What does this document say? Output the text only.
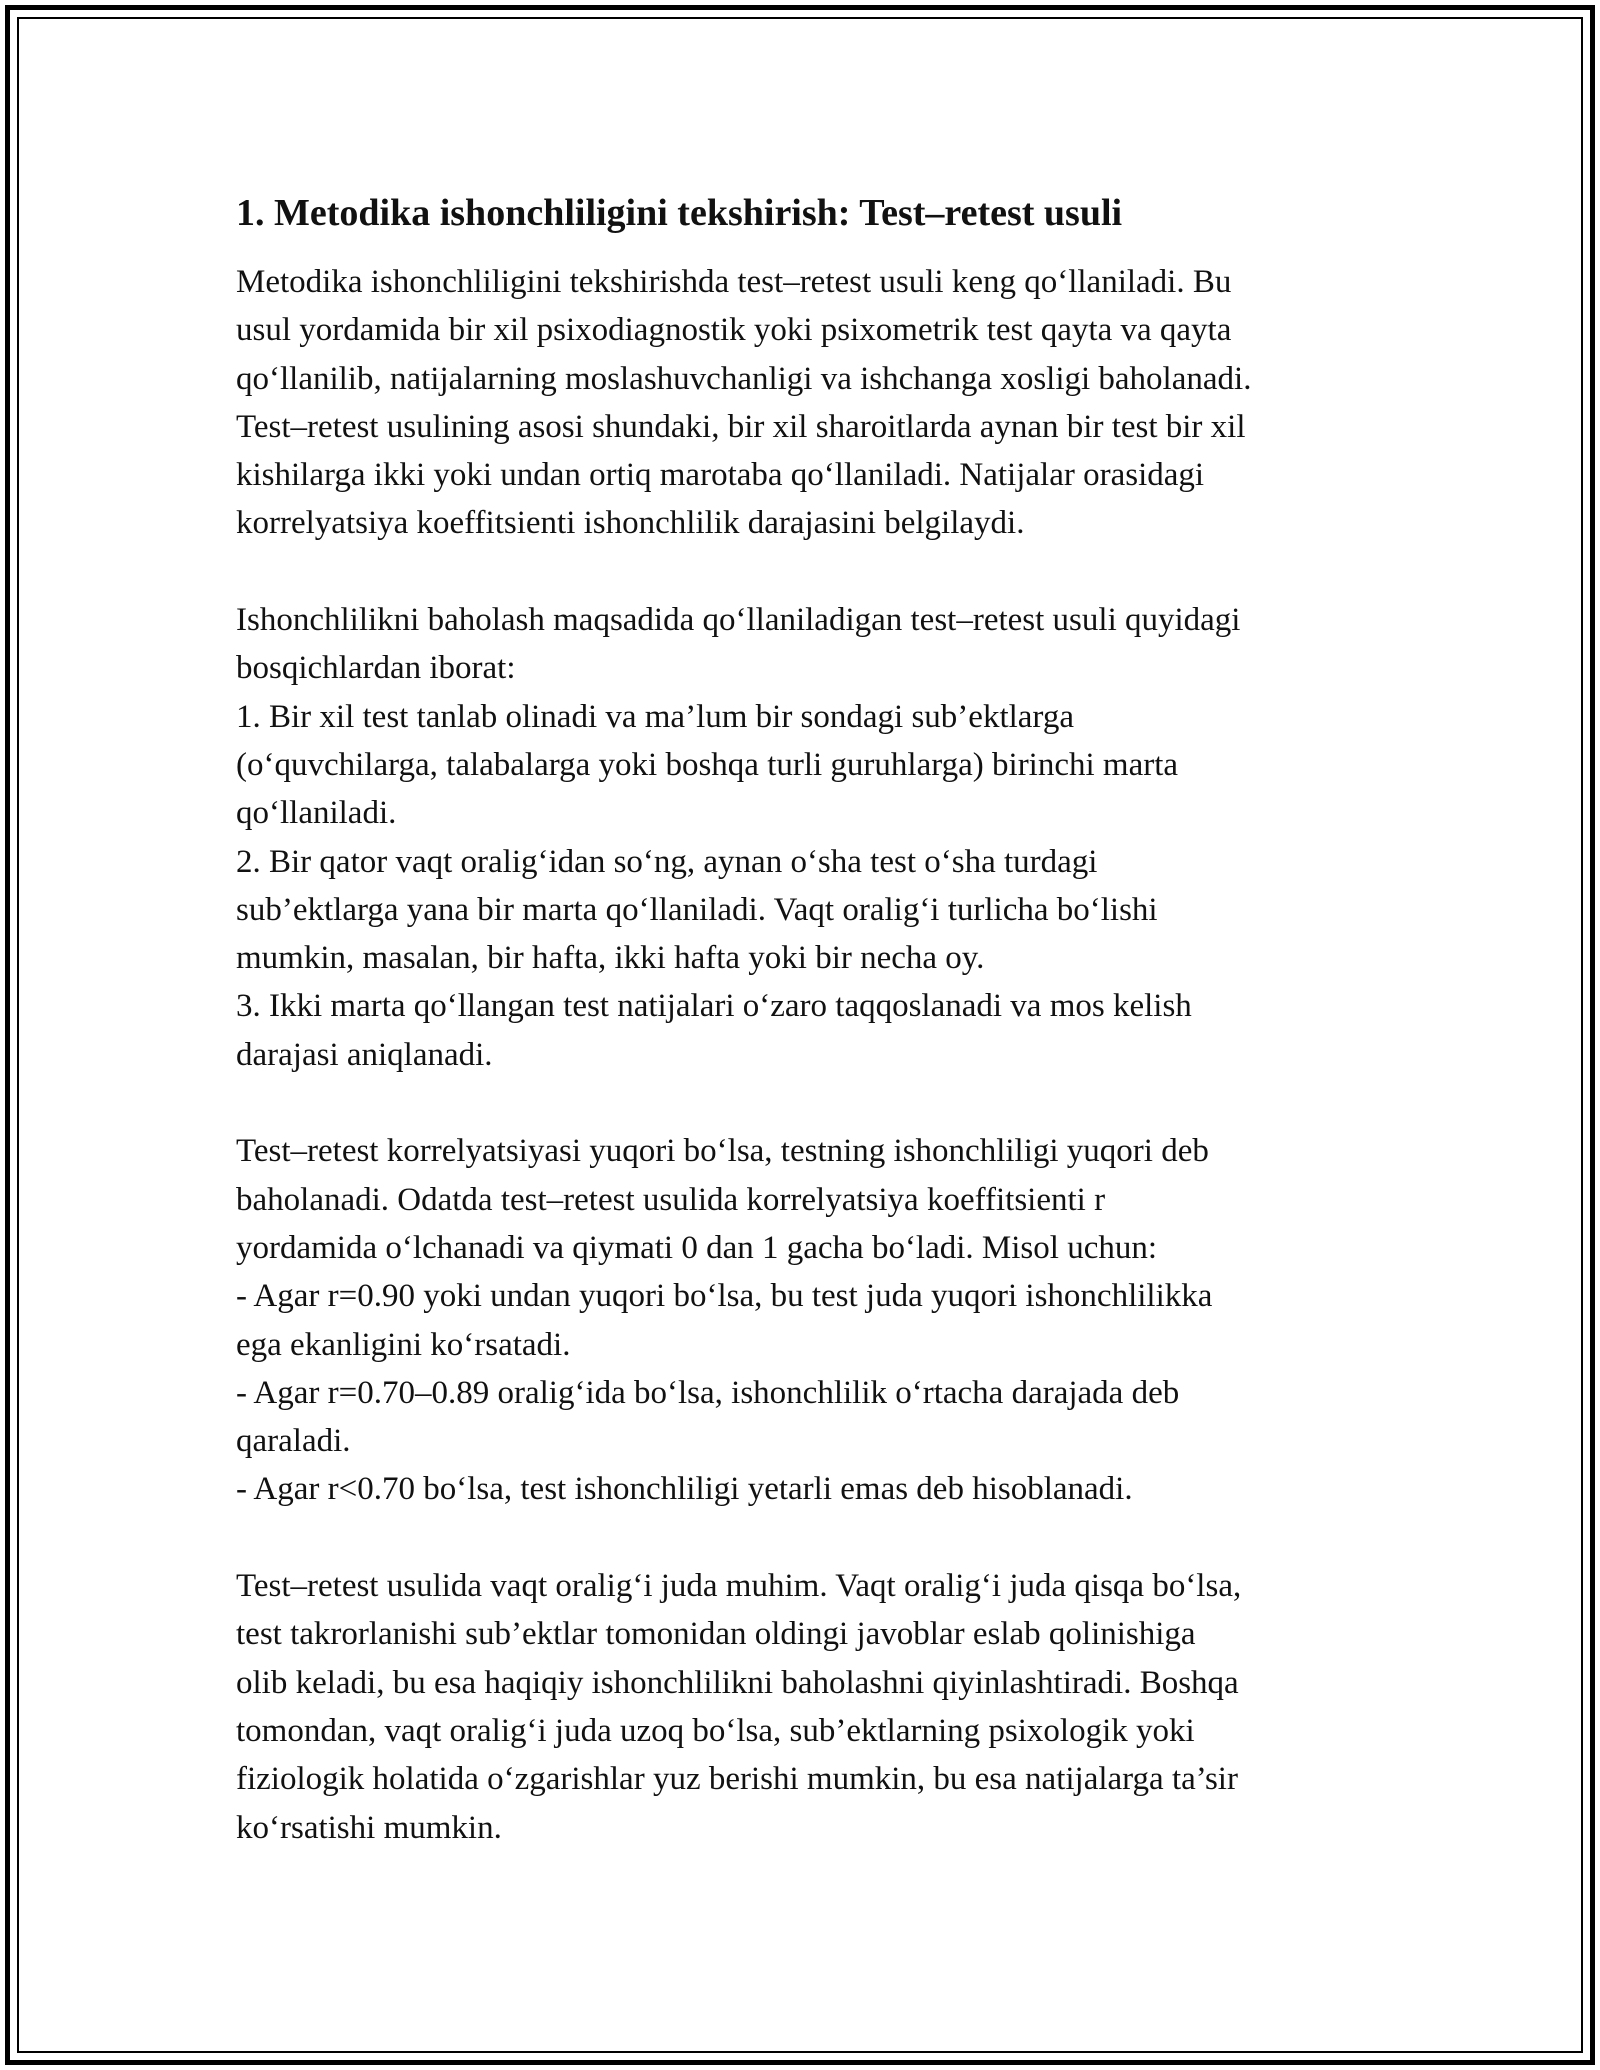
1. Metodika ishonchliligini tekshirish: Test–retest usuli

Metodika ishonchliligini tekshirishda test–retest usuli keng qo‘llaniladi. Bu
usul yordamida bir xil psixodiagnostik yoki psixometrik test qayta va qayta
qo‘llanilib, natijalarning moslashuvchanligi va ishchanga xosligi baholanadi.
Test–retest usulining asosi shundaki, bir xil sharoitlarda aynan bir test bir xil
kishilarga ikki yoki undan ortiq marotaba qo‘llaniladi. Natijalar orasidagi
korrelyatsiya koeffitsienti ishonchlilik darajasini belgilaydi.

Ishonchlilikni baholash maqsadida qo‘llaniladigan test–retest usuli quyidagi
bosqichlardan iborat:
1. Bir xil test tanlab olinadi va ma’lum bir sondagi sub’ektlarga
(o‘quvchilarga, talabalarga yoki boshqa turli guruhlarga) birinchi marta
qo‘llaniladi.
2. Bir qator vaqt oralig‘idan so‘ng, aynan o‘sha test o‘sha turdagi
sub’ektlarga yana bir marta qo‘llaniladi. Vaqt oralig‘i turlicha bo‘lishi
mumkin, masalan, bir hafta, ikki hafta yoki bir necha oy.
3. Ikki marta qo‘llangan test natijalari o‘zaro taqqoslanadi va mos kelish
darajasi aniqlanadi.

Test–retest korrelyatsiyasi yuqori bo‘lsa, testning ishonchliligi yuqori deb
baholanadi. Odatda test–retest usulida korrelyatsiya koeffitsienti r
yordamida o‘lchanadi va qiymati 0 dan 1 gacha bo‘ladi. Misol uchun:
- Agar r=0.90 yoki undan yuqori bo‘lsa, bu test juda yuqori ishonchlilikka
ega ekanligini ko‘rsatadi.
- Agar r=0.70–0.89 oralig‘ida bo‘lsa, ishonchlilik o‘rtacha darajada deb
qaraladi.
- Agar r<0.70 bo‘lsa, test ishonchliligi yetarli emas deb hisoblanadi.

Test–retest usulida vaqt oralig‘i juda muhim. Vaqt oralig‘i juda qisqa bo‘lsa,
test takrorlanishi sub’ektlar tomonidan oldingi javoblar eslab qolinishiga
olib keladi, bu esa haqiqiy ishonchlilikni baholashni qiyinlashtiradi. Boshqa
tomondan, vaqt oralig‘i juda uzoq bo‘lsa, sub’ektlarning psixologik yoki
fiziologik holatida o‘zgarishlar yuz berishi mumkin, bu esa natijalarga ta’sir
ko‘rsatishi mumkin.
